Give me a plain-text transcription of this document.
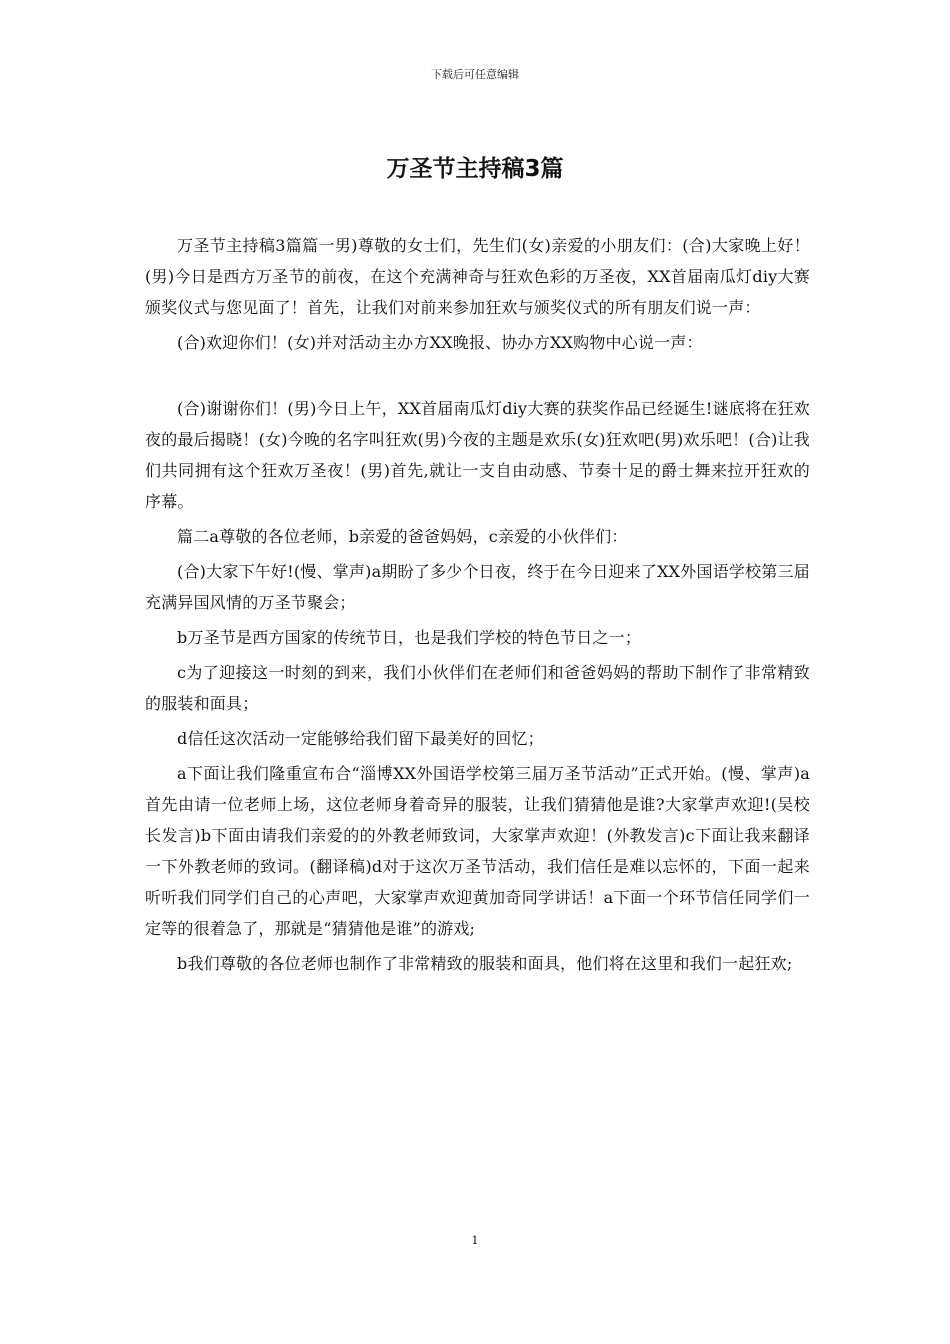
下载后可任意编辑
万圣节主持稿3篇

万圣节主持稿3篇篇一男)尊敬的女士们，先生们(女)亲爱的小朋友们：(合)大家晚上好！(男)今日是西方万圣节的前夜，在这个充满神奇与狂欢色彩的万圣夜，XX首届南瓜灯diy大赛颁奖仪式与您见面了！首先，让我们对前来参加狂欢与颁奖仪式的所有朋友们说一声：

(合)欢迎你们！(女)并对活动主办方XX晚报、协办方XX购物中心说一声：

(合)谢谢你们！(男)今日上午，XX首届南瓜灯diy大赛的获奖作品已经诞生!谜底将在狂欢夜的最后揭晓！(女)今晚的名字叫狂欢(男)今夜的主题是欢乐(女)狂欢吧(男)欢乐吧！(合)让我们共同拥有这个狂欢万圣夜！(男)首先,就让一支自由动感、节奏十足的爵士舞来拉开狂欢的序幕。

篇二a尊敬的各位老师，b亲爱的爸爸妈妈，c亲爱的小伙伴们：

(合)大家下午好!(慢、掌声)a期盼了多少个日夜，终于在今日迎来了XX外国语学校第三届充满异国风情的万圣节聚会；

b万圣节是西方国家的传统节日，也是我们学校的特色节日之一；

c为了迎接这一时刻的到来，我们小伙伴们在老师们和爸爸妈妈的帮助下制作了非常精致的服装和面具；

d信任这次活动一定能够给我们留下最美好的回忆；

a下面让我们隆重宣布合“淄博XX外国语学校第三届万圣节活动”正式开始。(慢、掌声)a首先由请一位老师上场，这位老师身着奇异的服装，让我们猜猜他是谁?大家掌声欢迎!(吴校长发言)b下面由请我们亲爱的的外教老师致词，大家掌声欢迎！(外教发言)c下面让我来翻译一下外教老师的致词。(翻译稿)d对于这次万圣节活动，我们信任是难以忘怀的，下面一起来听听我们同学们自己的心声吧，大家掌声欢迎黄加奇同学讲话！a下面一个环节信任同学们一定等的很着急了，那就是“猜猜他是谁”的游戏;

b我们尊敬的各位老师也制作了非常精致的服装和面具，他们将在这里和我们一起狂欢;

1
